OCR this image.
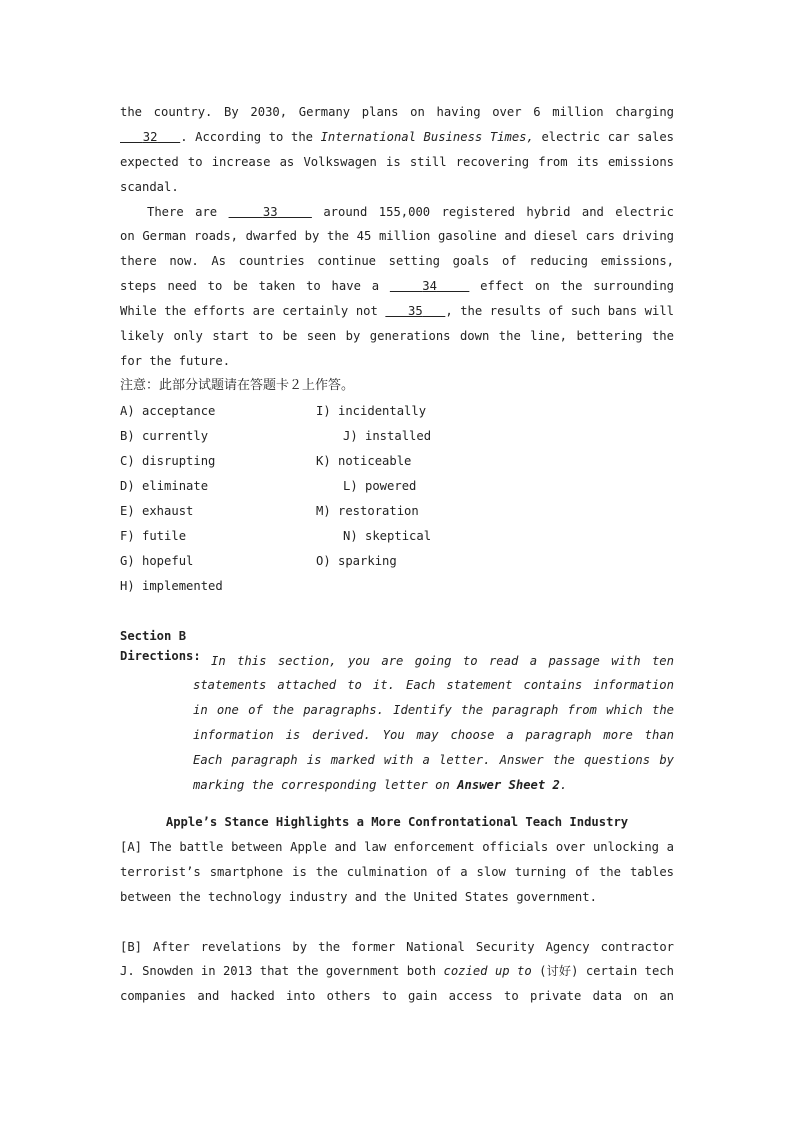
the country. By 2030, Germany plans on having over 6 million charging
32 . According to the International Business Times, electric car sales
expected to increase as Volkswagen is still recovering from its emissions
scandal.
There are	33	around 155,000 registered hybrid and electric
on German roads, dwarfed by the 45 million gasoline and diesel cars driving
there now. As countries continue setting goals of reducing emissions,
steps need to be taken to have a	34	effect on the surrounding
While the efforts are certainly not    35 , the results of such bans will
likely only start to be seen by generations down the line, bettering the
for the future.
注意：此部分试题请在答题卡２上作答。
A) acceptance	I) incidentally
B) currently	J) installed
C) disrupting	K) noticeable
D) eliminate	L) powered
E) exhaust	M) restoration
F) futile	N) skeptical
G) hopeful	O) sparking
H) implemented
Section B
Directions: In this section, you are going to read a passage with ten
statements attached to it. Each statement contains information
in one of the paragraphs. Identify the paragraph from which the
information is derived. You may choose a paragraph more than
Each paragraph is marked with a letter. Answer the questions by
marking the corresponding letter on Answer Sheet 2.
Apple’s Stance Highlights a More Confrontational Teach Industry
[A] The battle between Apple and law enforcement officials over unlocking a
terrorist’s smartphone is the culmination of a slow turning of the tables
between the technology industry and the United States government.
[B] After revelations by the former National Security Agency contractor
J. Snowden in 2013 that the government both cozied up to (讨好) certain tech
companies and hacked into others to gain access to private data on an
